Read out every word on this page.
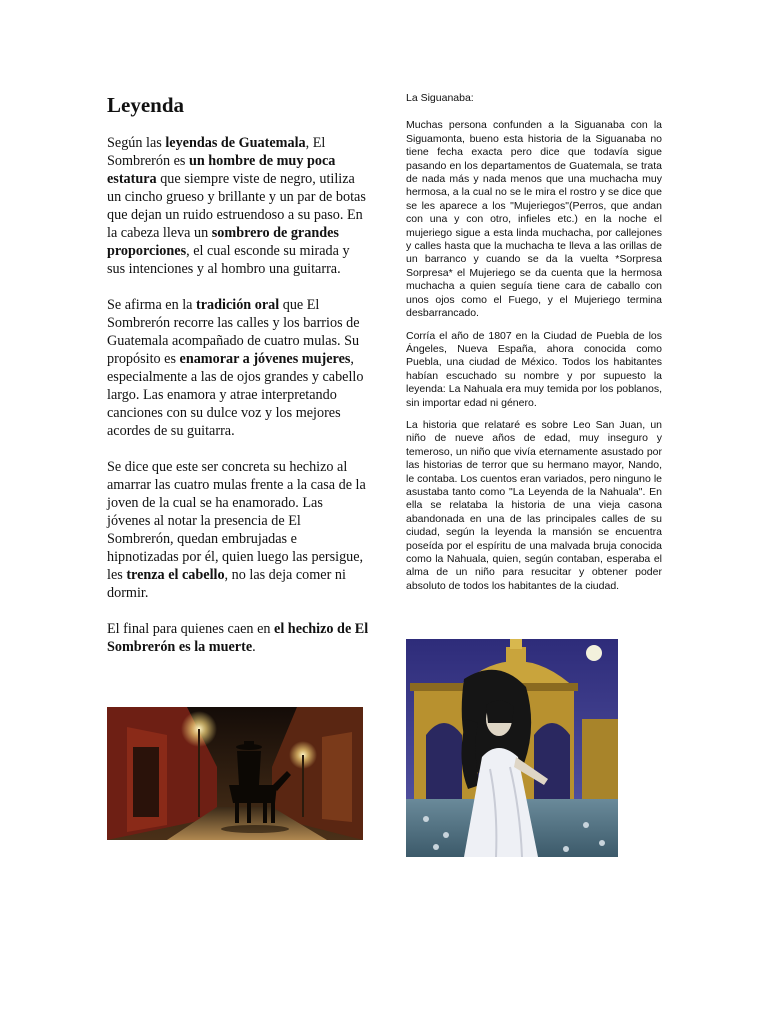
Leyenda

Según las leyendas de Guatemala, El Sombrerón es un hombre de muy poca estatura que siempre viste de negro, utiliza un cincho grueso y brillante y un par de botas que dejan un ruido estruendoso a su paso. En la cabeza lleva un sombrero de grandes proporciones, el cual esconde su mirada y sus intenciones y al hombro una guitarra.

Se afirma en la tradición oral que El Sombrerón recorre las calles y los barrios de Guatemala acompañado de cuatro mulas. Su propósito es enamorar a jóvenes mujeres, especialmente a las de ojos grandes y cabello largo. Las enamora y atrae interpretando canciones con su dulce voz y los mejores acordes de su guitarra.

Se dice que este ser concreta su hechizo al amarrar las cuatro mulas frente a la casa de la joven de la cual se ha enamorado. Las jóvenes al notar la presencia de El Sombrerón, quedan embrujadas e hipnotizadas por él, quien luego las persigue, les trenza el cabello, no las deja comer ni dormir.

El final para quienes caen en el hechizo de El Sombrerón es la muerte.

La Siguanaba:

Muchas persona confunden a la Siguanaba con la Siguamonta, bueno esta historia de la Siguanaba no tiene fecha exacta pero dice que todavía sigue pasando en los departamentos de Guatemala, se trata de nada más y nada menos que una muchacha muy hermosa, a la cual no se le mira el rostro y se dice que se les aparece a los "Mujeriegos"(Perros, que andan con una y con otro, infieles etc.) en la noche el mujeriego sigue a esta linda muchacha, por callejones y calles hasta que la muchacha te lleva a las orillas de un barranco y cuando se da la vuelta *Sorpresa Sorpresa* el Mujeriego se da cuenta que la hermosa muchacha a quien seguía tiene cara de caballo con unos ojos como el Fuego, y el Mujeriego termina desbarrancado.

Corría el año de 1807 en la Ciudad de Puebla de los Ángeles, Nueva España, ahora conocida como Puebla, una ciudad de México. Todos los habitantes habían escuchado su nombre y por supuesto la leyenda: La Nahuala era muy temida por los poblanos, sin importar edad ni género.

La historia que relataré es sobre Leo San Juan, un niño de nueve años de edad, muy inseguro y temeroso, un niño que vivía eternamente asustado por las historias de terror que su hermano mayor, Nando, le contaba. Los cuentos eran variados, pero ninguno le asustaba tanto como "La Leyenda de la Nahuala". En ella se relataba la historia de una vieja casona abandonada en una de las principales calles de su ciudad, según la leyenda la mansión se encuentra poseída por el espíritu de una malvada bruja conocida como la Nahuala, quien, según contaban, esperaba el alma de un niño para resucitar y obtener poder absoluto de todos los habitantes de la ciudad.
